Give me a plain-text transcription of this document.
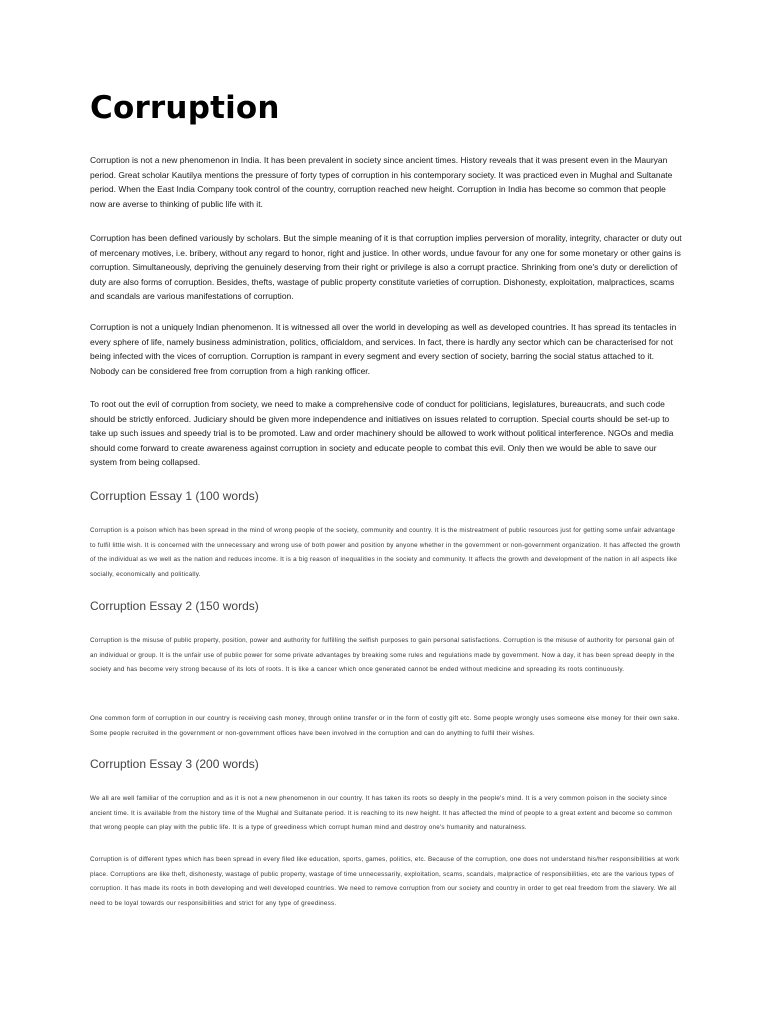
Corruption

Corruption is not a new phenomenon in India. It has been prevalent in society since ancient times. History reveals that it was present even in the Mauryan period. Great scholar Kautilya mentions the pressure of forty types of corruption in his contemporary society. It was practiced even in Mughal and Sultanate period. When the East India Company took control of the country, corruption reached new height. Corruption in India has become so common that people now are averse to thinking of public life with it.

Corruption has been defined variously by scholars. But the simple meaning of it is that corruption implies perversion of morality, integrity, character or duty out of mercenary motives, i.e. bribery, without any regard to honor, right and justice. In other words, undue favour for any one for some monetary or other gains is corruption. Simultaneously, depriving the genuinely deserving from their right or privilege is also a corrupt practice. Shrinking from one's duty or dereliction of duty are also forms of corruption. Besides, thefts, wastage of public property constitute varieties of corruption. Dishonesty, exploitation, malpractices, scams and scandals are various manifestations of corruption.

Corruption is not a uniquely Indian phenomenon. It is witnessed all over the world in developing as well as developed countries. It has spread its tentacles in every sphere of life, namely business administration, politics, officialdom, and services. In fact, there is hardly any sector which can be characterised for not being infected with the vices of corruption. Corruption is rampant in every segment and every section of society, barring the social status attached to it. Nobody can be considered free from corruption from a high ranking officer.

To root out the evil of corruption from society, we need to make a comprehensive code of conduct for politicians, legislatures, bureaucrats, and such code should be strictly enforced. Judiciary should be given more independence and initiatives on issues related to corruption. Special courts should be set-up to take up such issues and speedy trial is to be promoted. Law and order machinery should be allowed to work without political interference. NGOs and media should come forward to create awareness against corruption in society and educate people to combat this evil. Only then we would be able to save our system from being collapsed.

Corruption Essay 1 (100 words)

Corruption is a poison which has been spread in the mind of wrong people of the society, community and country. It is the mistreatment of public resources just for getting some unfair advantage to fulfil little wish. It is concerned with the unnecessary and wrong use of both power and position by anyone whether in the government or non-government organization. It has affected the growth of the individual as we well as the nation and reduces income. It is a big reason of inequalities in the society and community. It affects the growth and development of the nation in all aspects like socially, economically and politically.

Corruption Essay 2 (150 words)

Corruption is the misuse of public property, position, power and authority for fulfilling the selfish purposes to gain personal satisfactions. Corruption is the misuse of authority for personal gain of an individual or group. It is the unfair use of public power for some private advantages by breaking some rules and regulations made by government. Now a day, it has been spread deeply in the society and has become very strong because of its lots of roots. It is like a cancer which once generated cannot be ended without medicine and spreading its roots continuously.

One common form of corruption in our country is receiving cash money, through online transfer or in the form of costly gift etc. Some people wrongly uses someone else money for their own sake. Some people recruited in the government or non-government offices have been involved in the corruption and can do anything to fulfil their wishes.

Corruption Essay 3 (200 words)

We all are well familiar of the corruption and as it is not a new phenomenon in our country. It has taken its roots so deeply in the people's mind. It is a very common poison in the society since ancient time. It is available from the history time of the Mughal and Sultanate period. It is reaching to its new height. It has affected the mind of people to a great extent and become so common that wrong people can play with the public life. It is a type of greediness which corrupt human mind and destroy one's humanity and naturalness.

Corruption is of different types which has been spread in every filed like education, sports, games, politics, etc. Because of the corruption, one does not understand his/her responsibilities at work place. Corruptions are like theft, dishonesty, wastage of public property, wastage of time unnecessarily, exploitation, scams, scandals, malpractice of responsibilities, etc are the various types of corruption. It has made its roots in both developing and well developed countries. We need to remove corruption from our society and country in order to get real freedom from the slavery. We all need to be loyal towards our responsibilities and strict for any type of greediness.
